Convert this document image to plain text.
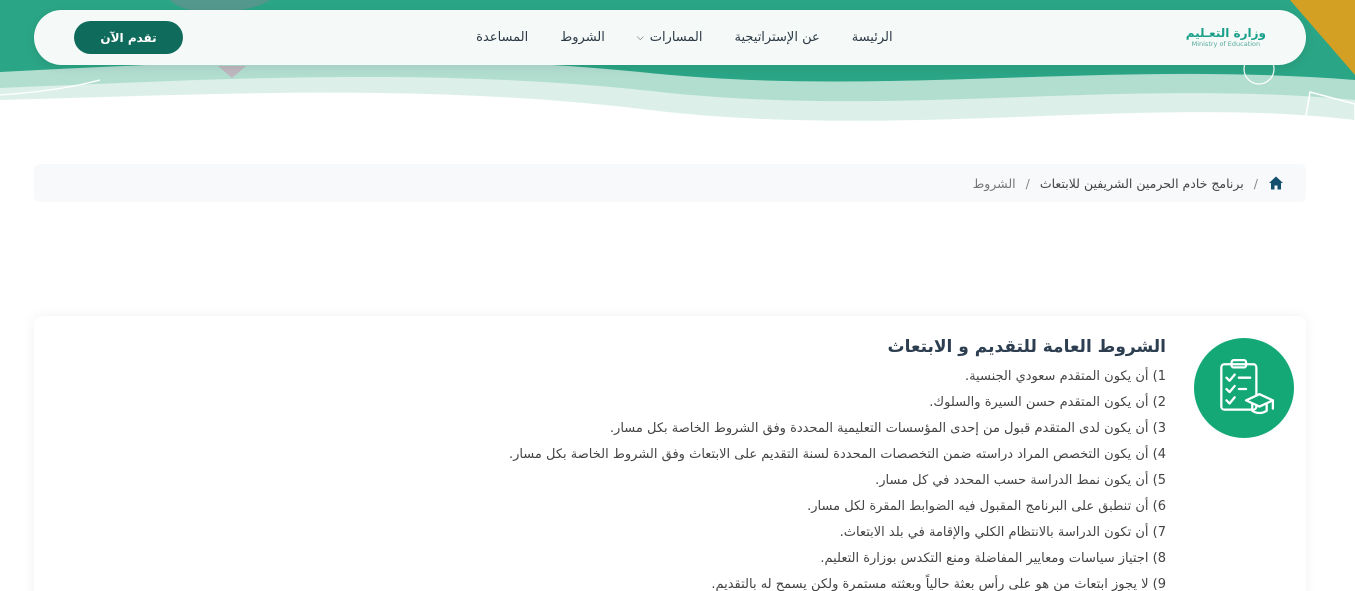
وزارة التعـليم
Ministry of Education
الرئيسة
عن الإستراتيجية
المسارات
⌵
الشروط
المساعدة
تقدم الآن
/
برنامج خادم الحرمين الشريفين للابتعاث
/
الشروط
الشروط العامة للتقديم و الابتعاث
1) أن يكون المتقدم سعودي الجنسية.
2) أن يكون المتقدم حسن السيرة والسلوك.
3) أن يكون لدى المتقدم قبول من إحدى المؤسسات التعليمية المحددة وفق الشروط الخاصة بكل مسار.
4) أن يكون التخصص المراد دراسته ضمن التخصصات المحددة لسنة التقديم على الابتعاث وفق الشروط الخاصة بكل مسار.
5) أن يكون نمط الدراسة حسب المحدد في كل مسار.
6) أن تنطبق على البرنامج المقبول فيه الضوابط المقرة لكل مسار.
7) أن تكون الدراسة بالانتظام الكلي والإقامة في بلد الابتعاث.
8) اجتياز سياسات ومعايير المفاضلة ومنع التكدس بوزارة التعليم.
9) لا يجوز ابتعاث من هو على رأس بعثة حالياً وبعثته مستمرة ولكن يسمح له بالتقديم.
